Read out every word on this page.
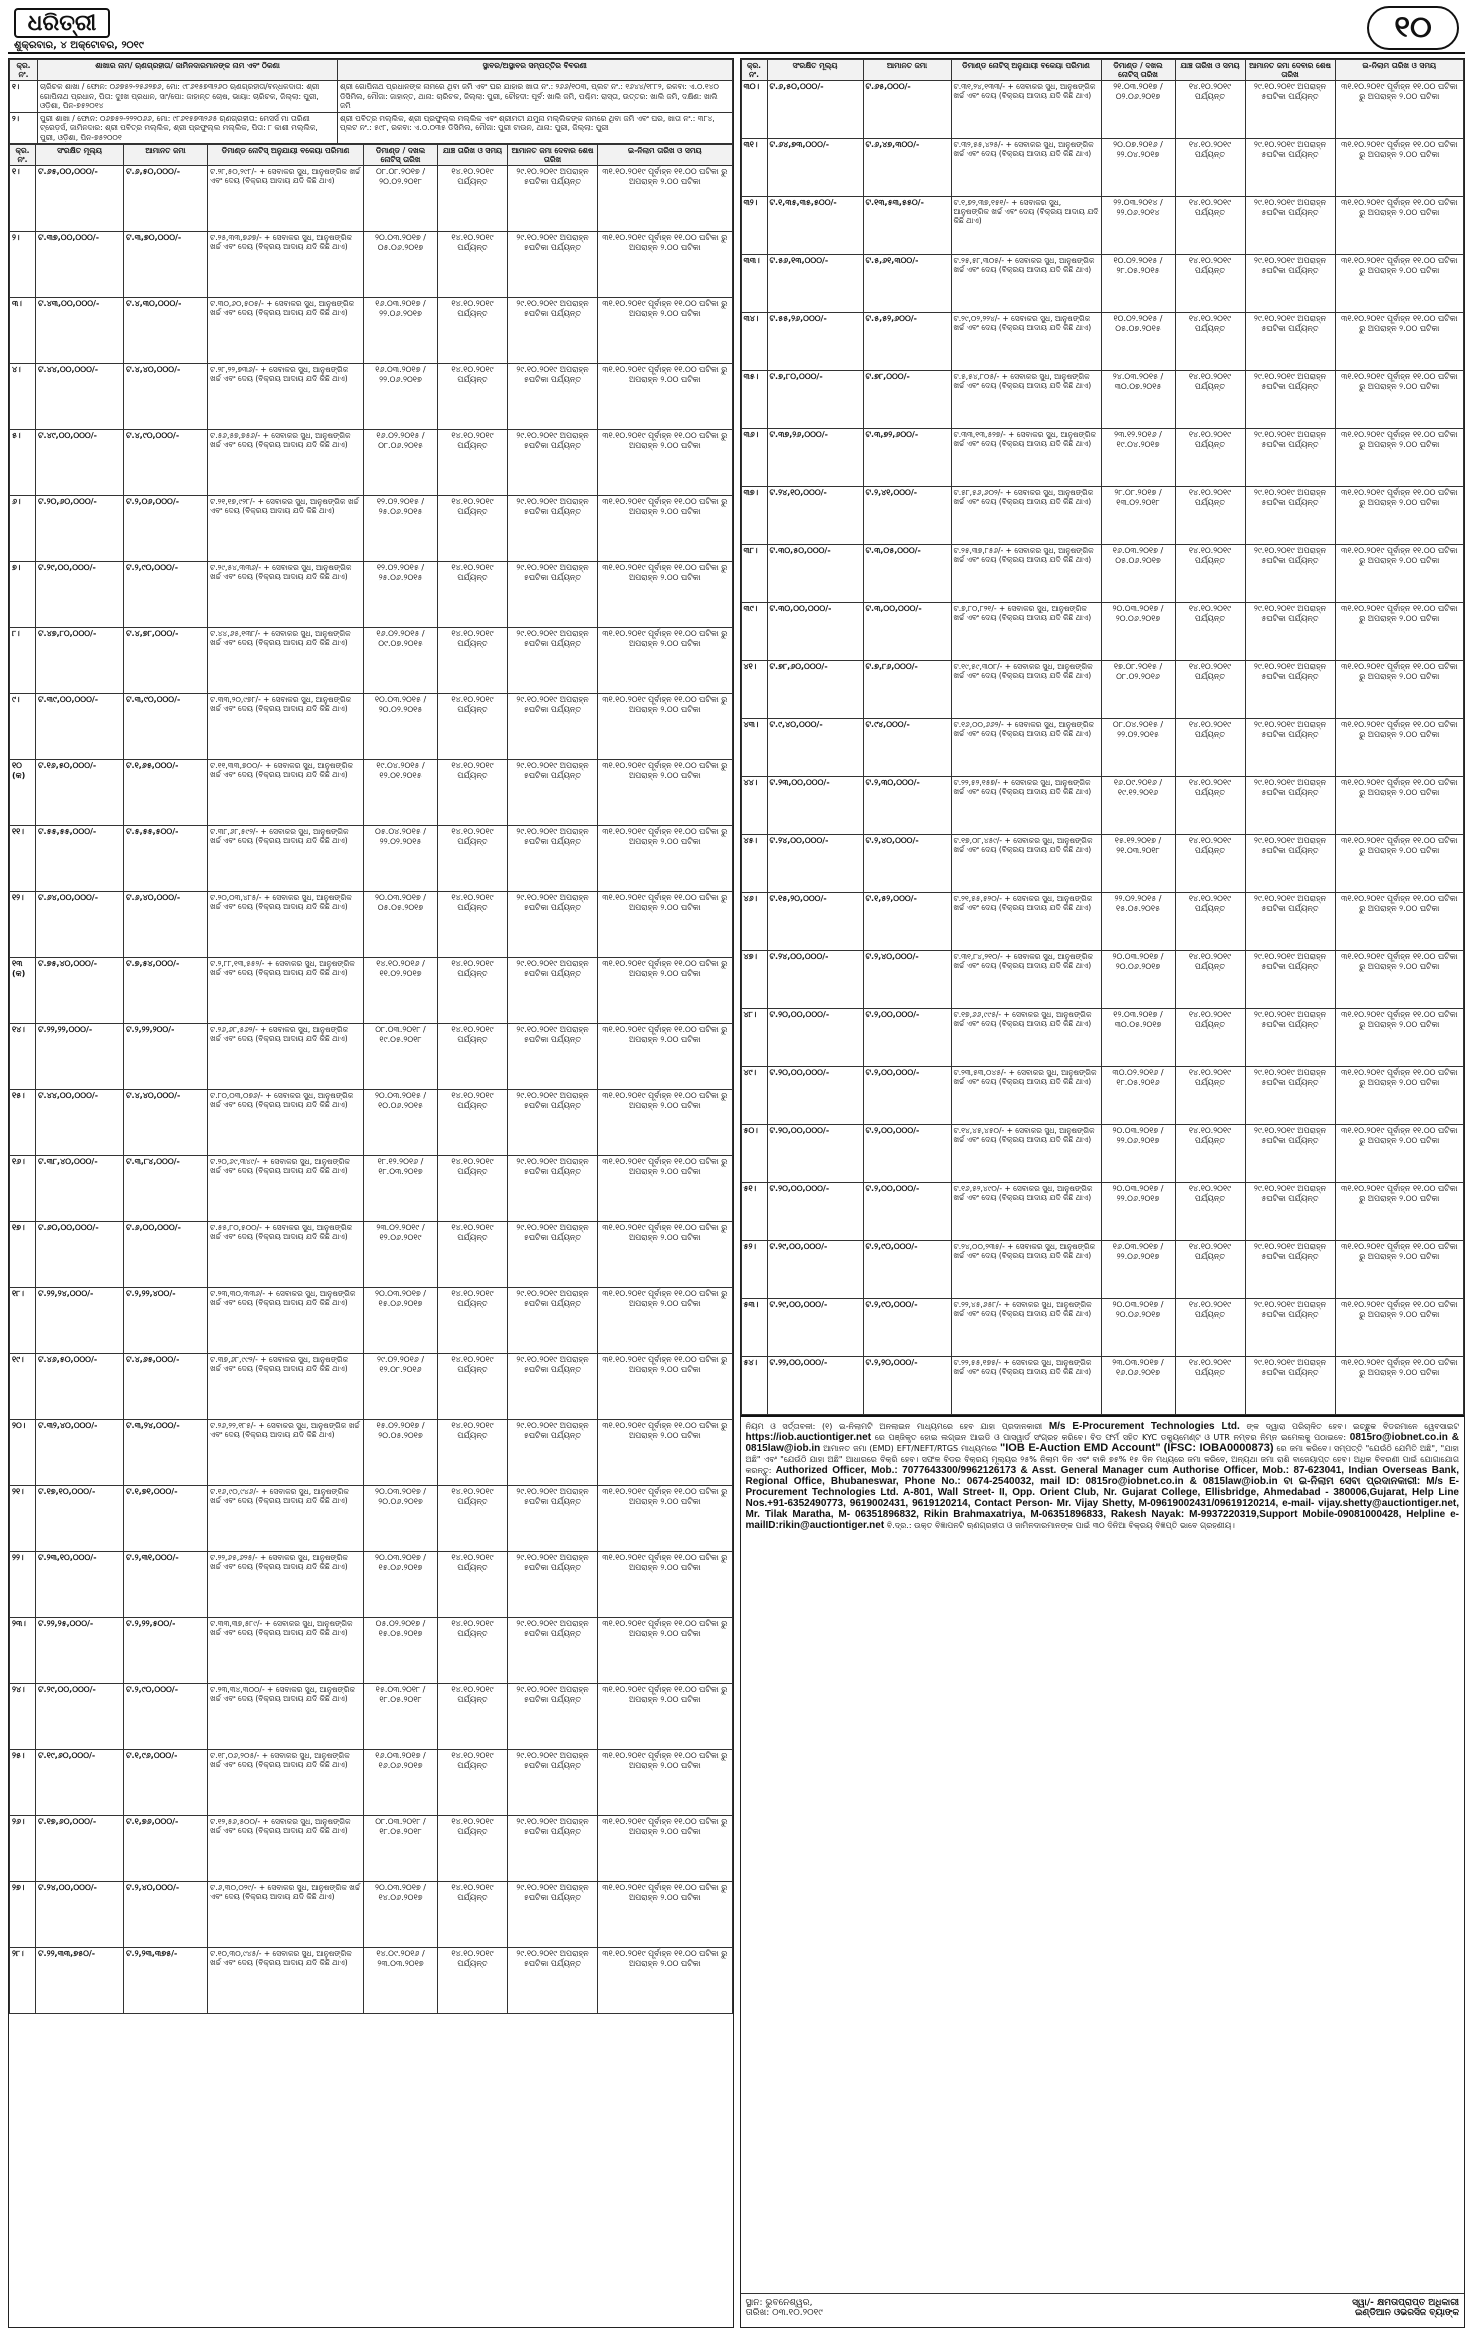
ଧରିତ୍ରୀ
ଶୁକ୍ରବାର, ୪ ଅକ୍ଟୋବର, ୨୦୧୯
୧୦
କ୍ର. ନଂ.	ଶାଖାର ନାମ/ ଋଣଗ୍ରହୀତା/ ଜାମିନଦାରମାନଙ୍କ ନାମ ଏବଂ ଠିକଣା	ସ୍ଥାବର/ଅସ୍ଥାବର ସମ୍ପତ୍ତିର ବିବରଣୀ
୧।	ଚାରିଚକ ଶାଖା / ଫୋନ: ୦୬୭୫୨-୨୫୬୨୭୬, ମୋ: ୯୮୬୧୫୭୩୨୬୦ ଋଣଗ୍ରହୀତା/ବନ୍ଧକଦାତା: ଶ୍ରୀ ଗୋପିନାଥ ପ୍ରଧାନ, ପିତା: ଦୁଃଖ ପ୍ରଧାନ, ସାଂ/ପୋ: ଜାହାନ୍ତ ଚୋଷ, ଭାୟା: ଚାରିଚକ, ଜିଲ୍ଲା: ପୁରୀ, ଓଡ଼ିଶା, ପିନ-୭୫୨୦୧୪	ଶ୍ରୀ ଗୋପିନାଥ ପ୍ରଧାନଙ୍କ ନାମରେ ଥିବା ଜମି ଏବଂ ଘର ଯାହାର ଖାତା ନଂ.: ୨୬୬/୧୦୩, ପ୍ଲଟ ନଂ.: ୧୬୪୪/୧୮୮୨, ରକବା: ଏ.୦.୧୪୦ ଡିସିମିଲ, ମୌଜା: ଜାହାନ୍ତ, ଥାନା: ଚାରିଚକ, ଜିଲ୍ଲା: ପୁରୀ, ଚୌହଦୀ: ପୂର୍ବ: ଖାଲି ଜମି, ପଶ୍ଚିମ: ରାସ୍ତା, ଉତ୍ତର: ଖାଲି ଜମି, ଦକ୍ଷିଣ: ଖାଲି ଜମି
୨।	ପୁରୀ ଶାଖା / ଫୋନ: ୦୬୭୫୨-୨୨୨୦୬୬, ମୋ: ୯୮୬୧୫୭୩୨୬୫ ଋଣଗ୍ରହୀତା: ମେସର୍ସ ମା ତାରିଣୀ ଟ୍ରେଡ଼ର୍ସ, ଜାମିନଦାର: ଶ୍ରୀ ପବିତ୍ର ମଲ୍ଲିକ, ଶ୍ରୀ ପ୍ରଫୁଲ୍ଲ ମଲ୍ଲିକ, ପିତା: ୮ କାଶୀ ମଲ୍ଲିକ, ପୁରୀ, ଓଡ଼ିଶା, ପିନ-୭୫୨୦୦୧	ଶ୍ରୀ ପବିତ୍ର ମଲ୍ଲିକ, ଶ୍ରୀ ପ୍ରଫୁଲ୍ଲ ମଲ୍ଲିକ ଏବଂ ଶ୍ରୀମତୀ ଯମୁନା ମଲ୍ଲିକଙ୍କ ନାମରେ ଥିବା ଜମି ଏବଂ ଘର, ଖାତା ନଂ.: ୩୮୪, ପ୍ଲଟ ନଂ.: ୫୯୮, ରକବା: ଏ.୦.୦୩୫ ଡିସିମିଲ, ମୌଜା: ପୁରୀ ଟାଉନ, ଥାନା: ପୁରୀ, ଜିଲ୍ଲା: ପୁରୀ
କ୍ର. ନଂ.	ସଂରକ୍ଷିତ ମୂଲ୍ୟ	ଆମାନତ ଜମା	ଡିମାଣ୍ଡ ନୋଟିସ୍ ଅନୁଯାୟୀ ବକେୟା ପରିମାଣ	ଡିମାଣ୍ଡ / ଦଖଲ ନୋଟିସ୍ ତାରିଖ	ଯାଞ୍ଚ ତାରିଖ ଓ ସମୟ	ଆମାନତ ଜମା ଦେବାର ଶେଷ ତାରିଖ	ଇ-ନିଲାମ ତାରିଖ ଓ ସମୟ
୧।	ଟ.୬୫,୦୦,୦୦୦/-	ଟ.୬,୫୦,୦୦୦/-	ଟ.୨୮,୫୦,୨୯୮/- + ସେବାକର ସୁଧ, ଆନୁଷଙ୍ଗିକ ଖର୍ଚ୍ଚ ଏବଂ ଦେୟ (ବିକ୍ରୟ ଆଦାୟ ଯଦି କିଛି ଥାଏ)	୦୮.୦୮.୨୦୧୭ / ୨୦.୦୨.୨୦୧୮	୧୪.୧୦.୨୦୧୯ ପର୍ଯ୍ୟନ୍ତ	୨୯.୧୦.୨୦୧୯ ଅପରାହ୍ନ ୫ଘଟିକା ପର୍ଯ୍ୟନ୍ତ	୩୧.୧୦.୨୦୧୯ ପୂର୍ବାହ୍ନ ୧୧.୦୦ ଘଟିକା ରୁ ଅପରାହ୍ନ ୨.୦୦ ଘଟିକା
୨।	ଟ.୩୭,୦୦,୦୦୦/-	ଟ.୩,୭୦,୦୦୦/-	ଟ.୨୫,୩୩,୭୬୭/- + ସେବାକର ସୁଧ, ଆନୁଷଙ୍ଗିକ ଖର୍ଚ୍ଚ ଏବଂ ଦେୟ (ବିକ୍ରୟ ଆଦାୟ ଯଦି କିଛି ଥାଏ)	୨୦.୦୩.୨୦୧୭ / ୦୫.୦୬.୨୦୧୭	୧୪.୧୦.୨୦୧୯ ପର୍ଯ୍ୟନ୍ତ	୨୯.୧୦.୨୦୧୯ ଅପରାହ୍ନ ୫ଘଟିକା ପର୍ଯ୍ୟନ୍ତ	୩୧.୧୦.୨୦୧୯ ପୂର୍ବାହ୍ନ ୧୧.୦୦ ଘଟିକା ରୁ ଅପରାହ୍ନ ୨.୦୦ ଘଟିକା
୩।	ଟ.୪୩,୦୦,୦୦୦/-	ଟ.୪,୩୦,୦୦୦/-	ଟ.୩୦,୬୦,୫୦୫/- + ସେବାକର ସୁଧ, ଆନୁଷଙ୍ଗିକ ଖର୍ଚ୍ଚ ଏବଂ ଦେୟ (ବିକ୍ରୟ ଆଦାୟ ଯଦି କିଛି ଥାଏ)	୧୬.୦୩.୨୦୧୭ / ୨୨.୦୬.୨୦୧୭	୧୪.୧୦.୨୦୧୯ ପର୍ଯ୍ୟନ୍ତ	୨୯.୧୦.୨୦୧୯ ଅପରାହ୍ନ ୫ଘଟିକା ପର୍ଯ୍ୟନ୍ତ	୩୧.୧୦.୨୦୧୯ ପୂର୍ବାହ୍ନ ୧୧.୦୦ ଘଟିକା ରୁ ଅପରାହ୍ନ ୨.୦୦ ଘଟିକା
୪।	ଟ.୪୪,୦୦,୦୦୦/-	ଟ.୪,୪୦,୦୦୦/-	ଟ.୨୮,୨୨,୭୩୬/- + ସେବାକର ସୁଧ, ଆନୁଷଙ୍ଗିକ ଖର୍ଚ୍ଚ ଏବଂ ଦେୟ (ବିକ୍ରୟ ଆଦାୟ ଯଦି କିଛି ଥାଏ)	୧୬.୦୩.୨୦୧୭ / ୨୨.୦୬.୨୦୧୭	୧୪.୧୦.୨୦୧୯ ପର୍ଯ୍ୟନ୍ତ	୨୯.୧୦.୨୦୧୯ ଅପରାହ୍ନ ୫ଘଟିକା ପର୍ଯ୍ୟନ୍ତ	୩୧.୧୦.୨୦୧୯ ପୂର୍ବାହ୍ନ ୧୧.୦୦ ଘଟିକା ରୁ ଅପରାହ୍ନ ୨.୦୦ ଘଟିକା
୫।	ଟ.୪୯,୦୦,୦୦୦/-	ଟ.୪,୯୦,୦୦୦/-	ଟ.୫୬,୫୭,୭୫୬/- + ସେବାକର ସୁଧ, ଆନୁଷଙ୍ଗିକ ଖର୍ଚ୍ଚ ଏବଂ ଦେୟ (ବିକ୍ରୟ ଆଦାୟ ଯଦି କିଛି ଥାଏ)	୧୬.୦୨.୨୦୧୫ / ୦୮.୦୬.୨୦୧୫	୧୪.୧୦.୨୦୧୯ ପର୍ଯ୍ୟନ୍ତ	୨୯.୧୦.୨୦୧୯ ଅପରାହ୍ନ ୫ଘଟିକା ପର୍ଯ୍ୟନ୍ତ	୩୧.୧୦.୨୦୧୯ ପୂର୍ବାହ୍ନ ୧୧.୦୦ ଘଟିକା ରୁ ଅପରାହ୍ନ ୨.୦୦ ଘଟିକା
୬।	ଟ.୨୦,୬୦,୦୦୦/-	ଟ.୨,୦୬,୦୦୦/-	ଟ.୨୧,୧୭,୯୨୮/- + ସେବାକର ସୁଧ, ଆନୁଷଙ୍ଗିକ ଖର୍ଚ୍ଚ ଏବଂ ଦେୟ (ବିକ୍ରୟ ଆଦାୟ ଯଦି କିଛି ଥାଏ)	୧୨.୦୨.୨୦୧୫ / ୨୫.୦୬.୨୦୧୫	୧୪.୧୦.୨୦୧୯ ପର୍ଯ୍ୟନ୍ତ	୨୯.୧୦.୨୦୧୯ ଅପରାହ୍ନ ୫ଘଟିକା ପର୍ଯ୍ୟନ୍ତ	୩୧.୧୦.୨୦୧୯ ପୂର୍ବାହ୍ନ ୧୧.୦୦ ଘଟିକା ରୁ ଅପରାହ୍ନ ୨.୦୦ ଘଟିକା
୭।	ଟ.୨୯,୦୦,୦୦୦/-	ଟ.୨,୯୦,୦୦୦/-	ଟ.୨୯,୫୪,୩୩୬/- + ସେବାକର ସୁଧ, ଆନୁଷଙ୍ଗିକ ଖର୍ଚ୍ଚ ଏବଂ ଦେୟ (ବିକ୍ରୟ ଆଦାୟ ଯଦି କିଛି ଥାଏ)	୧୨.୦୨.୨୦୧୫ / ୨୫.୦୬.୨୦୧୫	୧୪.୧୦.୨୦୧୯ ପର୍ଯ୍ୟନ୍ତ	୨୯.୧୦.୨୦୧୯ ଅପରାହ୍ନ ୫ଘଟିକା ପର୍ଯ୍ୟନ୍ତ	୩୧.୧୦.୨୦୧୯ ପୂର୍ବାହ୍ନ ୧୧.୦୦ ଘଟିକା ରୁ ଅପରାହ୍ନ ୨.୦୦ ଘଟିକା
୮।	ଟ.୪୭,୮୦,୦୦୦/-	ଟ.୪,୭୮,୦୦୦/-	ଟ.୪୪,୬୫,୧୩୮/- + ସେବାକର ସୁଧ, ଆନୁଷଙ୍ଗିକ ଖର୍ଚ୍ଚ ଏବଂ ଦେୟ (ବିକ୍ରୟ ଆଦାୟ ଯଦି କିଛି ଥାଏ)	୧୬.୦୨.୨୦୧୫ / ୦୯.୦୭.୨୦୧୫	୧୪.୧୦.୨୦୧୯ ପର୍ଯ୍ୟନ୍ତ	୨୯.୧୦.୨୦୧୯ ଅପରାହ୍ନ ୫ଘଟିକା ପର୍ଯ୍ୟନ୍ତ	୩୧.୧୦.୨୦୧୯ ପୂର୍ବାହ୍ନ ୧୧.୦୦ ଘଟିକା ରୁ ଅପରାହ୍ନ ୨.୦୦ ଘଟିକା
୯।	ଟ.୩୯,୦୦,୦୦୦/-	ଟ.୩,୯୦,୦୦୦/-	ଟ.୩୩,୨୦,୯୭୮/- + ସେବାକର ସୁଧ, ଆନୁଷଙ୍ଗିକ ଖର୍ଚ୍ଚ ଏବଂ ଦେୟ (ବିକ୍ରୟ ଆଦାୟ ଯଦି କିଛି ଥାଏ)	୧୦.୦୩.୨୦୧୫ / ୨୦.୦୨.୨୦୧୫	୧୪.୧୦.୨୦୧୯ ପର୍ଯ୍ୟନ୍ତ	୨୯.୧୦.୨୦୧୯ ଅପରାହ୍ନ ୫ଘଟିକା ପର୍ଯ୍ୟନ୍ତ	୩୧.୧୦.୨୦୧୯ ପୂର୍ବାହ୍ନ ୧୧.୦୦ ଘଟିକା ରୁ ଅପରାହ୍ନ ୨.୦୦ ଘଟିକା
୧୦ (କ)	ଟ.୧୬,୫୦,୦୦୦/-	ଟ.୧,୬୫,୦୦୦/-	ଟ.୧୧,୩୩,୭୦୦/- + ସେବାକର ସୁଧ, ଆନୁଷଙ୍ଗିକ ଖର୍ଚ୍ଚ ଏବଂ ଦେୟ (ବିକ୍ରୟ ଆଦାୟ ଯଦି କିଛି ଥାଏ)	୧୯.୦୪.୨୦୧୫ / ୧୨.୦୧.୨୦୧୫	୧୪.୧୦.୨୦୧୯ ପର୍ଯ୍ୟନ୍ତ	୨୯.୧୦.୨୦୧୯ ଅପରାହ୍ନ ୫ଘଟିକା ପର୍ଯ୍ୟନ୍ତ	୩୧.୧୦.୨୦୧୯ ପୂର୍ବାହ୍ନ ୧୧.୦୦ ଘଟିକା ରୁ ଅପରାହ୍ନ ୨.୦୦ ଘଟିକା
୧୧।	ଟ.୫୫,୫୫,୦୦୦/-	ଟ.୫,୫୫,୫୦୦/-	ଟ.୩୮,୬୮,୫୯୨/- + ସେବାକର ସୁଧ, ଆନୁଷଙ୍ଗିକ ଖର୍ଚ୍ଚ ଏବଂ ଦେୟ (ବିକ୍ରୟ ଆଦାୟ ଯଦି କିଛି ଥାଏ)	୦୫.୦୪.୨୦୧୫ / ୨୨.୦୨.୨୦୧୫	୧୪.୧୦.୨୦୧୯ ପର୍ଯ୍ୟନ୍ତ	୨୯.୧୦.୨୦୧୯ ଅପରାହ୍ନ ୫ଘଟିକା ପର୍ଯ୍ୟନ୍ତ	୩୧.୧୦.୨୦୧୯ ପୂର୍ବାହ୍ନ ୧୧.୦୦ ଘଟିକା ରୁ ଅପରାହ୍ନ ୨.୦୦ ଘଟିକା
୧୨।	ଟ.୬୪,୦୦,୦୦୦/-	ଟ.୬,୪୦,୦୦୦/-	ଟ.୨୦,୦୩,୪୮୫/- + ସେବାକର ସୁଧ, ଆନୁଷଙ୍ଗିକ ଖର୍ଚ୍ଚ ଏବଂ ଦେୟ (ବିକ୍ରୟ ଆଦାୟ ଯଦି କିଛି ଥାଏ)	୨୦.୦୩.୨୦୧୭ / ୦୫.୦୫.୨୦୧୭	୧୪.୧୦.୨୦୧୯ ପର୍ଯ୍ୟନ୍ତ	୨୯.୧୦.୨୦୧୯ ଅପରାହ୍ନ ୫ଘଟିକା ପର୍ଯ୍ୟନ୍ତ	୩୧.୧୦.୨୦୧୯ ପୂର୍ବାହ୍ନ ୧୧.୦୦ ଘଟିକା ରୁ ଅପରାହ୍ନ ୨.୦୦ ଘଟିକା
୧୩ (କ)	ଟ.୭୫,୪୦,୦୦୦/-	ଟ.୭,୫୪,୦୦୦/-	ଟ.୨,୮୮,୧୩,୫୫୨/- + ସେବାକର ସୁଧ, ଆନୁଷଙ୍ଗିକ ଖର୍ଚ୍ଚ ଏବଂ ଦେୟ (ବିକ୍ରୟ ଆଦାୟ ଯଦି କିଛି ଥାଏ)	୧୪.୧୦.୨୦୧୬ / ୧୧.୦୨.୨୦୧୭	୧୪.୧୦.୨୦୧୯ ପର୍ଯ୍ୟନ୍ତ	୨୯.୧୦.୨୦୧୯ ଅପରାହ୍ନ ୫ଘଟିକା ପର୍ଯ୍ୟନ୍ତ	୩୧.୧୦.୨୦୧୯ ପୂର୍ବାହ୍ନ ୧୧.୦୦ ଘଟିକା ରୁ ଅପରାହ୍ନ ୨.୦୦ ଘଟିକା
୧୪।	ଟ.୨୨,୨୨,୦୦୦/-	ଟ.୨,୨୨,୨୦୦/-	ଟ.୨୬,୬୮,୫୬୨/- + ସେବାକର ସୁଧ, ଆନୁଷଙ୍ଗିକ ଖର୍ଚ୍ଚ ଏବଂ ଦେୟ (ବିକ୍ରୟ ଆଦାୟ ଯଦି କିଛି ଥାଏ)	୦୮.୦୩.୨୦୧୮ / ୧୯.୦୫.୨୦୧୮	୧୪.୧୦.୨୦୧୯ ପର୍ଯ୍ୟନ୍ତ	୨୯.୧୦.୨୦୧୯ ଅପରାହ୍ନ ୫ଘଟିକା ପର୍ଯ୍ୟନ୍ତ	୩୧.୧୦.୨୦୧୯ ପୂର୍ବାହ୍ନ ୧୧.୦୦ ଘଟିକା ରୁ ଅପରାହ୍ନ ୨.୦୦ ଘଟିକା
୧୫।	ଟ.୪୪,୦୦,୦୦୦/-	ଟ.୪,୪୦,୦୦୦/-	ଟ.୮୦,୦୩,୦୭୬/- + ସେବାକର ସୁଧ, ଆନୁଷଙ୍ଗିକ ଖର୍ଚ୍ଚ ଏବଂ ଦେୟ (ବିକ୍ରୟ ଆଦାୟ ଯଦି କିଛି ଥାଏ)	୨୦.୦୩.୨୦୧୫ / ୧୦.୦୬.୨୦୧୫	୧୪.୧୦.୨୦୧୯ ପର୍ଯ୍ୟନ୍ତ	୨୯.୧୦.୨୦୧୯ ଅପରାହ୍ନ ୫ଘଟିକା ପର୍ଯ୍ୟନ୍ତ	୩୧.୧୦.୨୦୧୯ ପୂର୍ବାହ୍ନ ୧୧.୦୦ ଘଟିକା ରୁ ଅପରାହ୍ନ ୨.୦୦ ଘଟିକା
୧୬।	ଟ.୩୮,୪୦,୦୦୦/-	ଟ.୩,୮୪,୦୦୦/-	ଟ.୨୦,୬୯,୩୪୯/- + ସେବାକର ସୁଧ, ଆନୁଷଙ୍ଗିକ ଖର୍ଚ୍ଚ ଏବଂ ଦେୟ (ବିକ୍ରୟ ଆଦାୟ ଯଦି କିଛି ଥାଏ)	୧୮.୧୨.୨୦୧୬ / ୧୮.୦୩.୨୦୧୭	୧୪.୧୦.୨୦୧୯ ପର୍ଯ୍ୟନ୍ତ	୨୯.୧୦.୨୦୧୯ ଅପରାହ୍ନ ୫ଘଟିକା ପର୍ଯ୍ୟନ୍ତ	୩୧.୧୦.୨୦୧୯ ପୂର୍ବାହ୍ନ ୧୧.୦୦ ଘଟିକା ରୁ ଅପରାହ୍ନ ୨.୦୦ ଘଟିକା
୧୭।	ଟ.୬୦,୦୦,୦୦୦/-	ଟ.୬,୦୦,୦୦୦/-	ଟ.୫୫,୮୦,୫୦୦/- + ସେବାକର ସୁଧ, ଆନୁଷଙ୍ଗିକ ଖର୍ଚ୍ଚ ଏବଂ ଦେୟ (ବିକ୍ରୟ ଆଦାୟ ଯଦି କିଛି ଥାଏ)	୨୩.୦୨.୨୦୧୯ / ୧୨.୦୬.୨୦୧୯	୧୪.୧୦.୨୦୧୯ ପର୍ଯ୍ୟନ୍ତ	୨୯.୧୦.୨୦୧୯ ଅପରାହ୍ନ ୫ଘଟିକା ପର୍ଯ୍ୟନ୍ତ	୩୧.୧୦.୨୦୧୯ ପୂର୍ବାହ୍ନ ୧୧.୦୦ ଘଟିକା ରୁ ଅପରାହ୍ନ ୨.୦୦ ଘଟିକା
୧୮।	ଟ.୨୨,୨୪,୦୦୦/-	ଟ.୨,୨୨,୪୦୦/-	ଟ.୨୩,୩୦,୩୩୬/- + ସେବାକର ସୁଧ, ଆନୁଷଙ୍ଗିକ ଖର୍ଚ୍ଚ ଏବଂ ଦେୟ (ବିକ୍ରୟ ଆଦାୟ ଯଦି କିଛି ଥାଏ)	୨୦.୦୩.୨୦୧୭ / ୧୫.୦୬.୨୦୧୭	୧୪.୧୦.୨୦୧୯ ପର୍ଯ୍ୟନ୍ତ	୨୯.୧୦.୨୦୧୯ ଅପରାହ୍ନ ୫ଘଟିକା ପର୍ଯ୍ୟନ୍ତ	୩୧.୧୦.୨୦୧୯ ପୂର୍ବାହ୍ନ ୧୧.୦୦ ଘଟିକା ରୁ ଅପରାହ୍ନ ୨.୦୦ ଘଟିକା
୧୯।	ଟ.୪୬,୫୦,୦୦୦/-	ଟ.୪,୬୫,୦୦୦/-	ଟ.୩୭,୬୮,୯୯୨/- + ସେବାକର ସୁଧ, ଆନୁଷଙ୍ଗିକ ଖର୍ଚ୍ଚ ଏବଂ ଦେୟ (ବିକ୍ରୟ ଆଦାୟ ଯଦି କିଛି ଥାଏ)	୨୯.୦୨.୨୦୧୬ / ୧୨.୦୮.୨୦୧୬	୧୪.୧୦.୨୦୧୯ ପର୍ଯ୍ୟନ୍ତ	୨୯.୧୦.୨୦୧୯ ଅପରାହ୍ନ ୫ଘଟିକା ପର୍ଯ୍ୟନ୍ତ	୩୧.୧୦.୨୦୧୯ ପୂର୍ବାହ୍ନ ୧୧.୦୦ ଘଟିକା ରୁ ଅପରାହ୍ନ ୨.୦୦ ଘଟିକା
୨୦।	ଟ.୩୨,୪୦,୦୦୦/-	ଟ.୩,୨୪,୦୦୦/-	ଟ.୨୬,୨୨,୧୮୫/- + ସେବାକର ସୁଧ, ଆନୁଷଙ୍ଗିକ ଖର୍ଚ୍ଚ ଏବଂ ଦେୟ (ବିକ୍ରୟ ଆଦାୟ ଯଦି କିଛି ଥାଏ)	୧୫.୦୨.୨୦୧୭ / ୨୦.୦୫.୨୦୧୭	୧୪.୧୦.୨୦୧୯ ପର୍ଯ୍ୟନ୍ତ	୨୯.୧୦.୨୦୧୯ ଅପରାହ୍ନ ୫ଘଟିକା ପର୍ଯ୍ୟନ୍ତ	୩୧.୧୦.୨୦୧୯ ପୂର୍ବାହ୍ନ ୧୧.୦୦ ଘଟିକା ରୁ ଅପରାହ୍ନ ୨.୦୦ ଘଟିକା
୨୧।	ଟ.୧୭,୧୦,୦୦୦/-	ଟ.୧,୭୧,୦୦୦/-	ଟ.୧୬,୯୦,୯୪୬/- + ସେବାକର ସୁଧ, ଆନୁଷଙ୍ଗିକ ଖର୍ଚ୍ଚ ଏବଂ ଦେୟ (ବିକ୍ରୟ ଆଦାୟ ଯଦି କିଛି ଥାଏ)	୨୦.୦୩.୨୦୧୭ / ୨୦.୦୬.୨୦୧୭	୧୪.୧୦.୨୦୧୯ ପର୍ଯ୍ୟନ୍ତ	୨୯.୧୦.୨୦୧୯ ଅପରାହ୍ନ ୫ଘଟିକା ପର୍ଯ୍ୟନ୍ତ	୩୧.୧୦.୨୦୧୯ ପୂର୍ବାହ୍ନ ୧୧.୦୦ ଘଟିକା ରୁ ଅପରାହ୍ନ ୨.୦୦ ଘଟିକା
୨୨।	ଟ.୨୩,୧୦,୦୦୦/-	ଟ.୨,୩୧,୦୦୦/-	ଟ.୨୨,୬୫,୬୨୫/- + ସେବାକର ସୁଧ, ଆନୁଷଙ୍ଗିକ ଖର୍ଚ୍ଚ ଏବଂ ଦେୟ (ବିକ୍ରୟ ଆଦାୟ ଯଦି କିଛି ଥାଏ)	୨୦.୦୩.୨୦୧୭ / ୧୫.୦୬.୨୦୧୭	୧୪.୧୦.୨୦୧୯ ପର୍ଯ୍ୟନ୍ତ	୨୯.୧୦.୨୦୧୯ ଅପରାହ୍ନ ୫ଘଟିକା ପର୍ଯ୍ୟନ୍ତ	୩୧.୧୦.୨୦୧୯ ପୂର୍ବାହ୍ନ ୧୧.୦୦ ଘଟିକା ରୁ ଅପରାହ୍ନ ୨.୦୦ ଘଟିକା
୨୩।	ଟ.୨୨,୨୫,୦୦୦/-	ଟ.୨,୨୨,୫୦୦/-	ଟ.୩୩,୩୭,୫୮୯/- + ସେବାକର ସୁଧ, ଆନୁଷଙ୍ଗିକ ଖର୍ଚ୍ଚ ଏବଂ ଦେୟ (ବିକ୍ରୟ ଆଦାୟ ଯଦି କିଛି ଥାଏ)	୦୫.୦୨.୨୦୧୭ / ୧୫.୦୫.୨୦୧୭	୧୪.୧୦.୨୦୧୯ ପର୍ଯ୍ୟନ୍ତ	୨୯.୧୦.୨୦୧୯ ଅପରାହ୍ନ ୫ଘଟିକା ପର୍ଯ୍ୟନ୍ତ	୩୧.୧୦.୨୦୧୯ ପୂର୍ବାହ୍ନ ୧୧.୦୦ ଘଟିକା ରୁ ଅପରାହ୍ନ ୨.୦୦ ଘଟିକା
୨୪।	ଟ.୨୯,୦୦,୦୦୦/-	ଟ.୨,୯୦,୦୦୦/-	ଟ.୨୩,୩୪,୩୦୦/- + ସେବାକର ସୁଧ, ଆନୁଷଙ୍ଗିକ ଖର୍ଚ୍ଚ ଏବଂ ଦେୟ (ବିକ୍ରୟ ଆଦାୟ ଯଦି କିଛି ଥାଏ)	୧୫.୦୩.୨୦୧୮ / ୧୮.୦୫.୨୦୧୮	୧୪.୧୦.୨୦୧୯ ପର୍ଯ୍ୟନ୍ତ	୨୯.୧୦.୨୦୧୯ ଅପରାହ୍ନ ୫ଘଟିକା ପର୍ଯ୍ୟନ୍ତ	୩୧.୧୦.୨୦୧୯ ପୂର୍ବାହ୍ନ ୧୧.୦୦ ଘଟିକା ରୁ ଅପରାହ୍ନ ୨.୦୦ ଘଟିକା
୨୫।	ଟ.୧୯,୬୦,୦୦୦/-	ଟ.୧,୯୬,୦୦୦/-	ଟ.୧୮,୦୬,୨୦୫/- + ସେବାକର ସୁଧ, ଆନୁଷଙ୍ଗିକ ଖର୍ଚ୍ଚ ଏବଂ ଦେୟ (ବିକ୍ରୟ ଆଦାୟ ଯଦି କିଛି ଥାଏ)	୧୬.୦୩.୨୦୧୭ / ୧୬.୦୬.୨୦୧୭	୧୪.୧୦.୨୦୧୯ ପର୍ଯ୍ୟନ୍ତ	୨୯.୧୦.୨୦୧୯ ଅପରାହ୍ନ ୫ଘଟିକା ପର୍ଯ୍ୟନ୍ତ	୩୧.୧୦.୨୦୧୯ ପୂର୍ବାହ୍ନ ୧୧.୦୦ ଘଟିକା ରୁ ଅପରାହ୍ନ ୨.୦୦ ଘଟିକା
୨୬।	ଟ.୧୭,୬୦,୦୦୦/-	ଟ.୧,୭୬,୦୦୦/-	ଟ.୧୨,୫୬,୫୦୦/- + ସେବାକର ସୁଧ, ଆନୁଷଙ୍ଗିକ ଖର୍ଚ୍ଚ ଏବଂ ଦେୟ (ବିକ୍ରୟ ଆଦାୟ ଯଦି କିଛି ଥାଏ)	୦୮.୦୩.୨୦୧୮ / ୧୮.୦୫.୨୦୧୮	୧୪.୧୦.୨୦୧୯ ପର୍ଯ୍ୟନ୍ତ	୨୯.୧୦.୨୦୧୯ ଅପରାହ୍ନ ୫ଘଟିକା ପର୍ଯ୍ୟନ୍ତ	୩୧.୧୦.୨୦୧୯ ପୂର୍ବାହ୍ନ ୧୧.୦୦ ଘଟିକା ରୁ ଅପରାହ୍ନ ୨.୦୦ ଘଟିକା
୨୭।	ଟ.୨୪,୦୦,୦୦୦/-	ଟ.୨,୪୦,୦୦୦/-	ଟ.୬,୩୦,୦୨୯/- + ସେବାକର ସୁଧ, ଆନୁଷଙ୍ଗିକ ଖର୍ଚ୍ଚ ଏବଂ ଦେୟ (ବିକ୍ରୟ ଆଦାୟ ଯଦି କିଛି ଥାଏ)	୨୦.୦୩.୨୦୧୭ / ୧୪.୦୬.୨୦୧୭	୧୪.୧୦.୨୦୧୯ ପର୍ଯ୍ୟନ୍ତ	୨୯.୧୦.୨୦୧୯ ଅପରାହ୍ନ ୫ଘଟିକା ପର୍ଯ୍ୟନ୍ତ	୩୧.୧୦.୨୦୧୯ ପୂର୍ବାହ୍ନ ୧୧.୦୦ ଘଟିକା ରୁ ଅପରାହ୍ନ ୨.୦୦ ଘଟିକା
୨୮।	ଟ.୨୨,୩୩,୭୫୦/-	ଟ.୨,୨୩,୩୭୫/-	ଟ.୧୦,୩୦,୯୪୫/- + ସେବାକର ସୁଧ, ଆନୁଷଙ୍ଗିକ ଖର୍ଚ୍ଚ ଏବଂ ଦେୟ (ବିକ୍ରୟ ଆଦାୟ ଯଦି କିଛି ଥାଏ)	୧୪.୦୯.୨୦୧୬ / ୨୩.୦୩.୨୦୧୭	୧୪.୧୦.୨୦୧୯ ପର୍ଯ୍ୟନ୍ତ	୨୯.୧୦.୨୦୧୯ ଅପରାହ୍ନ ୫ଘଟିକା ପର୍ଯ୍ୟନ୍ତ	୩୧.୧୦.୨୦୧୯ ପୂର୍ବାହ୍ନ ୧୧.୦୦ ଘଟିକା ରୁ ଅପରାହ୍ନ ୨.୦୦ ଘଟିକା
କ୍ର. ନଂ.	ସଂରକ୍ଷିତ ମୂଲ୍ୟ	ଆମାନତ ଜମା	ଡିମାଣ୍ଡ ନୋଟିସ୍ ଅନୁଯାୟୀ ବକେୟା ପରିମାଣ	ଡିମାଣ୍ଡ / ଦଖଲ ନୋଟିସ୍ ତାରିଖ	ଯାଞ୍ଚ ତାରିଖ ଓ ସମୟ	ଆମାନତ ଜମା ଦେବାର ଶେଷ ତାରିଖ	ଇ-ନିଲାମ ତାରିଖ ଓ ସମୟ
୩୦।	ଟ.୬,୫୦,୦୦୦/-	ଟ.୬୫,୦୦୦/-	ଟ.୩୧,୨୪,୧୩୩/- + ସେବାକର ସୁଧ, ଆନୁଷଙ୍ଗିକ ଖର୍ଚ୍ଚ ଏବଂ ଦେୟ (ବିକ୍ରୟ ଆଦାୟ ଯଦି କିଛି ଥାଏ)	୨୧.୦୩.୨୦୧୭ / ୦୨.୦୬.୨୦୧୭	୧୪.୧୦.୨୦୧୯ ପର୍ଯ୍ୟନ୍ତ	୨୯.୧୦.୨୦୧୯ ଅପରାହ୍ନ ୫ଘଟିକା ପର୍ଯ୍ୟନ୍ତ	୩୧.୧୦.୨୦୧୯ ପୂର୍ବାହ୍ନ ୧୧.୦୦ ଘଟିକା ରୁ ଅପରାହ୍ନ ୨.୦୦ ଘଟିକା
୩୧।	ଟ.୬୪,୭୩,୦୦୦/-	ଟ.୬,୪୭,୩୦୦/-	ଟ.୩୨,୫୫,୪୨୫/- + ସେବାକର ସୁଧ, ଆନୁଷଙ୍ଗିକ ଖର୍ଚ୍ଚ ଏବଂ ଦେୟ (ବିକ୍ରୟ ଆଦାୟ ଯଦି କିଛି ଥାଏ)	୨୦.୦୭.୨୦୧୬ / ୨୨.୦୪.୨୦୧୭	୧୪.୧୦.୨୦୧୯ ପର୍ଯ୍ୟନ୍ତ	୨୯.୧୦.୨୦୧୯ ଅପରାହ୍ନ ୫ଘଟିକା ପର୍ଯ୍ୟନ୍ତ	୩୧.୧୦.୨୦୧୯ ପୂର୍ବାହ୍ନ ୧୧.୦୦ ଘଟିକା ରୁ ଅପରାହ୍ନ ୨.୦୦ ଘଟିକା
୩୨।	ଟ.୧,୩୫,୩୫,୫୦୦/-	ଟ.୧୩,୫୩,୫୫୦/-	ଟ.୧,୭୨,୩୭,୧୫୧/- + ସେବାକର ସୁଧ, ଆନୁଷଙ୍ଗିକ ଖର୍ଚ୍ଚ ଏବଂ ଦେୟ (ବିକ୍ରୟ ଆଦାୟ ଯଦି କିଛି ଥାଏ)	୨୨.୦୩.୨୦୧୪ / ୨୨.୦୬.୨୦୧୪	୧୪.୧୦.୨୦୧୯ ପର୍ଯ୍ୟନ୍ତ	୨୯.୧୦.୨୦୧୯ ଅପରାହ୍ନ ୫ଘଟିକା ପର୍ଯ୍ୟନ୍ତ	୩୧.୧୦.୨୦୧୯ ପୂର୍ବାହ୍ନ ୧୧.୦୦ ଘଟିକା ରୁ ଅପରାହ୍ନ ୨.୦୦ ଘଟିକା
୩୩।	ଟ.୫୬,୧୩,୦୦୦/-	ଟ.୫,୬୧,୩୦୦/-	ଟ.୨୫,୫୮,୩୦୫/- + ସେବାକର ସୁଧ, ଆନୁଷଙ୍ଗିକ ଖର୍ଚ୍ଚ ଏବଂ ଦେୟ (ବିକ୍ରୟ ଆଦାୟ ଯଦି କିଛି ଥାଏ)	୧୦.୦୨.୨୦୧୫ / ୨୮.୦୫.୨୦୧୫	୧୪.୧୦.୨୦୧୯ ପର୍ଯ୍ୟନ୍ତ	୨୯.୧୦.୨୦୧୯ ଅପରାହ୍ନ ୫ଘଟିକା ପର୍ଯ୍ୟନ୍ତ	୩୧.୧୦.୨୦୧୯ ପୂର୍ବାହ୍ନ ୧୧.୦୦ ଘଟିକା ରୁ ଅପରାହ୍ନ ୨.୦୦ ଘଟିକା
୩୪।	ଟ.୫୫,୨୬,୦୦୦/-	ଟ.୫,୫୨,୬୦୦/-	ଟ.୨୯,୦୨,୨୨୪/- + ସେବାକର ସୁଧ, ଆନୁଷଙ୍ଗିକ ଖର୍ଚ୍ଚ ଏବଂ ଦେୟ (ବିକ୍ରୟ ଆଦାୟ ଯଦି କିଛି ଥାଏ)	୧୦.୦୨.୨୦୧୫ / ୦୫.୦୭.୨୦୧୫	୧୪.୧୦.୨୦୧୯ ପର୍ଯ୍ୟନ୍ତ	୨୯.୧୦.୨୦୧୯ ଅପରାହ୍ନ ୫ଘଟିକା ପର୍ଯ୍ୟନ୍ତ	୩୧.୧୦.୨୦୧୯ ପୂର୍ବାହ୍ନ ୧୧.୦୦ ଘଟିକା ରୁ ଅପରାହ୍ନ ୨.୦୦ ଘଟିକା
୩୫।	ଟ.୭,୮୦,୦୦୦/-	ଟ.୭୮,୦୦୦/-	ଟ.୫,୫୪,୮୦୫/- + ସେବାକର ସୁଧ, ଆନୁଷଙ୍ଗିକ ଖର୍ଚ୍ଚ ଏବଂ ଦେୟ (ବିକ୍ରୟ ଆଦାୟ ଯଦି କିଛି ଥାଏ)	୨୪.୦୩.୨୦୧୫ / ୩୦.୦୭.୨୦୧୫	୧୪.୧୦.୨୦୧୯ ପର୍ଯ୍ୟନ୍ତ	୨୯.୧୦.୨୦୧୯ ଅପରାହ୍ନ ୫ଘଟିକା ପର୍ଯ୍ୟନ୍ତ	୩୧.୧୦.୨୦୧୯ ପୂର୍ବାହ୍ନ ୧୧.୦୦ ଘଟିକା ରୁ ଅପରାହ୍ନ ୨.୦୦ ଘଟିକା
୩୬।	ଟ.୩୭,୨୬,୦୦୦/-	ଟ.୩,୭୨,୬୦୦/-	ଟ.୩୩,୧୩,୫୨୭/- + ସେବାକର ସୁଧ, ଆନୁଷଙ୍ଗିକ ଖର୍ଚ୍ଚ ଏବଂ ଦେୟ (ବିକ୍ରୟ ଆଦାୟ ଯଦି କିଛି ଥାଏ)	୨୩.୧୨.୨୦୧୬ / ୧୯.୦୪.୨୦୧୭	୧୪.୧୦.୨୦୧୯ ପର୍ଯ୍ୟନ୍ତ	୨୯.୧୦.୨୦୧୯ ଅପରାହ୍ନ ୫ଘଟିକା ପର୍ଯ୍ୟନ୍ତ	୩୧.୧୦.୨୦୧୯ ପୂର୍ବାହ୍ନ ୧୧.୦୦ ଘଟିକା ରୁ ଅପରାହ୍ନ ୨.୦୦ ଘଟିକା
୩୭।	ଟ.୨୪,୧୦,୦୦୦/-	ଟ.୨,୪୧,୦୦୦/-	ଟ.୫୮,୫୬,୬୦୨/- + ସେବାକର ସୁଧ, ଆନୁଷଙ୍ଗିକ ଖର୍ଚ୍ଚ ଏବଂ ଦେୟ (ବିକ୍ରୟ ଆଦାୟ ଯଦି କିଛି ଥାଏ)	୨୮.୦୮.୨୦୧୭ / ୧୩.୦୨.୨୦୧୮	୧୪.୧୦.୨୦୧୯ ପର୍ଯ୍ୟନ୍ତ	୨୯.୧୦.୨୦୧୯ ଅପରାହ୍ନ ୫ଘଟିକା ପର୍ଯ୍ୟନ୍ତ	୩୧.୧୦.୨୦୧୯ ପୂର୍ବାହ୍ନ ୧୧.୦୦ ଘଟିକା ରୁ ଅପରାହ୍ନ ୨.୦୦ ଘଟିକା
୩୮।	ଟ.୩୦,୫୦,୦୦୦/-	ଟ.୩,୦୫,୦୦୦/-	ଟ.୨୫,୩୭,୮୫୬/- + ସେବାକର ସୁଧ, ଆନୁଷଙ୍ଗିକ ଖର୍ଚ୍ଚ ଏବଂ ଦେୟ (ବିକ୍ରୟ ଆଦାୟ ଯଦି କିଛି ଥାଏ)	୧୬.୦୩.୨୦୧୭ / ୦୫.୦୬.୨୦୧୭	୧୪.୧୦.୨୦୧୯ ପର୍ଯ୍ୟନ୍ତ	୨୯.୧୦.୨୦୧୯ ଅପରାହ୍ନ ୫ଘଟିକା ପର୍ଯ୍ୟନ୍ତ	୩୧.୧୦.୨୦୧୯ ପୂର୍ବାହ୍ନ ୧୧.୦୦ ଘଟିକା ରୁ ଅପରାହ୍ନ ୨.୦୦ ଘଟିକା
୩୯।	ଟ.୩୦,୦୦,୦୦୦/-	ଟ.୩,୦୦,୦୦୦/-	ଟ.୭,୮୦,୮୨୧/- + ସେବାକର ସୁଧ, ଆନୁଷଙ୍ଗିକ ଖର୍ଚ୍ଚ ଏବଂ ଦେୟ (ବିକ୍ରୟ ଆଦାୟ ଯଦି କିଛି ଥାଏ)	୨୦.୦୩.୨୦୧୭ / ୨୦.୦୬.୨୦୧୭	୧୪.୧୦.୨୦୧୯ ପର୍ଯ୍ୟନ୍ତ	୨୯.୧୦.୨୦୧୯ ଅପରାହ୍ନ ୫ଘଟିକା ପର୍ଯ୍ୟନ୍ତ	୩୧.୧୦.୨୦୧୯ ପୂର୍ବାହ୍ନ ୧୧.୦୦ ଘଟିକା ରୁ ଅପରାହ୍ନ ୨.୦୦ ଘଟିକା
୪୧।	ଟ.୭୮,୬୦,୦୦୦/-	ଟ.୭,୮୬,୦୦୦/-	ଟ.୧୯,୫୯,୩୦୮/- + ସେବାକର ସୁଧ, ଆନୁଷଙ୍ଗିକ ଖର୍ଚ୍ଚ ଏବଂ ଦେୟ (ବିକ୍ରୟ ଆଦାୟ ଯଦି କିଛି ଥାଏ)	୧୭.୦୮.୨୦୧୫ / ୦୮.୦୨.୨୦୧୬	୧୪.୧୦.୨୦୧୯ ପର୍ଯ୍ୟନ୍ତ	୨୯.୧୦.୨୦୧୯ ଅପରାହ୍ନ ୫ଘଟିକା ପର୍ଯ୍ୟନ୍ତ	୩୧.୧୦.୨୦୧୯ ପୂର୍ବାହ୍ନ ୧୧.୦୦ ଘଟିକା ରୁ ଅପରାହ୍ନ ୨.୦୦ ଘଟିକା
୪୩।	ଟ.୯,୪୦,୦୦୦/-	ଟ.୯୪,୦୦୦/-	ଟ.୧୬,୦୦,୬୬୨/- + ସେବାକର ସୁଧ, ଆନୁଷଙ୍ଗିକ ଖର୍ଚ୍ଚ ଏବଂ ଦେୟ (ବିକ୍ରୟ ଆଦାୟ ଯଦି କିଛି ଥାଏ)	୦୮.୦୪.୨୦୧୫ / ୨୨.୦୨.୨୦୧୫	୧୪.୧୦.୨୦୧୯ ପର୍ଯ୍ୟନ୍ତ	୨୯.୧୦.୨୦୧୯ ଅପରାହ୍ନ ୫ଘଟିକା ପର୍ଯ୍ୟନ୍ତ	୩୧.୧୦.୨୦୧୯ ପୂର୍ବାହ୍ନ ୧୧.୦୦ ଘଟିକା ରୁ ଅପରାହ୍ନ ୨.୦୦ ଘଟିକା
୪୪।	ଟ.୨୩,୦୦,୦୦୦/-	ଟ.୨,୩୦,୦୦୦/-	ଟ.୨୨,୫୨,୧୫୭/- + ସେବାକର ସୁଧ, ଆନୁଷଙ୍ଗିକ ଖର୍ଚ୍ଚ ଏବଂ ଦେୟ (ବିକ୍ରୟ ଆଦାୟ ଯଦି କିଛି ଥାଏ)	୧୬.୦୯.୨୦୧୬ / ୧୯.୧୨.୨୦୧୬	୧୪.୧୦.୨୦୧୯ ପର୍ଯ୍ୟନ୍ତ	୨୯.୧୦.୨୦୧୯ ଅପରାହ୍ନ ୫ଘଟିକା ପର୍ଯ୍ୟନ୍ତ	୩୧.୧୦.୨୦୧୯ ପୂର୍ବାହ୍ନ ୧୧.୦୦ ଘଟିକା ରୁ ଅପରାହ୍ନ ୨.୦୦ ଘଟିକା
୪୫।	ଟ.୨୪,୦୦,୦୦୦/-	ଟ.୨,୪୦,୦୦୦/-	ଟ.୧୭,୦୮,୪୫୯/- + ସେବାକର ସୁଧ, ଆନୁଷଙ୍ଗିକ ଖର୍ଚ୍ଚ ଏବଂ ଦେୟ (ବିକ୍ରୟ ଆଦାୟ ଯଦି କିଛି ଥାଏ)	୧୫.୧୨.୨୦୧୭ / ୨୧.୦୩.୨୦୧୮	୧୪.୧୦.୨୦୧୯ ପର୍ଯ୍ୟନ୍ତ	୨୯.୧୦.୨୦୧୯ ଅପରାହ୍ନ ୫ଘଟିକା ପର୍ଯ୍ୟନ୍ତ	୩୧.୧୦.୨୦୧୯ ପୂର୍ବାହ୍ନ ୧୧.୦୦ ଘଟିକା ରୁ ଅପରାହ୍ନ ୨.୦୦ ଘଟିକା
୪୬।	ଟ.୧୫,୨୦,୦୦୦/-	ଟ.୧,୫୨,୦୦୦/-	ଟ.୨୧,୫୫,୫୨୦/- + ସେବାକର ସୁଧ, ଆନୁଷଙ୍ଗିକ ଖର୍ଚ୍ଚ ଏବଂ ଦେୟ (ବିକ୍ରୟ ଆଦାୟ ଯଦି କିଛି ଥାଏ)	୨୨.୦୨.୨୦୧୫ / ୧୫.୦୫.୨୦୧୫	୧୪.୧୦.୨୦୧୯ ପର୍ଯ୍ୟନ୍ତ	୨୯.୧୦.୨୦୧୯ ଅପରାହ୍ନ ୫ଘଟିକା ପର୍ଯ୍ୟନ୍ତ	୩୧.୧୦.୨୦୧୯ ପୂର୍ବାହ୍ନ ୧୧.୦୦ ଘଟିକା ରୁ ଅପରାହ୍ନ ୨.୦୦ ଘଟିକା
୪୭।	ଟ.୨୪,୦୦,୦୦୦/-	ଟ.୨,୪୦,୦୦୦/-	ଟ.୩୧,୮୪,୨୧୦/- + ସେବାକର ସୁଧ, ଆନୁଷଙ୍ଗିକ ଖର୍ଚ୍ଚ ଏବଂ ଦେୟ (ବିକ୍ରୟ ଆଦାୟ ଯଦି କିଛି ଥାଏ)	୨୦.୦୩.୨୦୧୭ / ୨୦.୦୬.୨୦୧୭	୧୪.୧୦.୨୦୧୯ ପର୍ଯ୍ୟନ୍ତ	୨୯.୧୦.୨୦୧୯ ଅପରାହ୍ନ ୫ଘଟିକା ପର୍ଯ୍ୟନ୍ତ	୩୧.୧୦.୨୦୧୯ ପୂର୍ବାହ୍ନ ୧୧.୦୦ ଘଟିକା ରୁ ଅପରାହ୍ନ ୨.୦୦ ଘଟିକା
୪୮।	ଟ.୨୦,୦୦,୦୦୦/-	ଟ.୨,୦୦,୦୦୦/-	ଟ.୧୭,୬୬,୯୯୫/- + ସେବାକର ସୁଧ, ଆନୁଷଙ୍ଗିକ ଖର୍ଚ୍ଚ ଏବଂ ଦେୟ (ବିକ୍ରୟ ଆଦାୟ ଯଦି କିଛି ଥାଏ)	୧୨.୦୩.୨୦୧୭ / ୩୦.୦୫.୨୦୧୭	୧୪.୧୦.୨୦୧୯ ପର୍ଯ୍ୟନ୍ତ	୨୯.୧୦.୨୦୧୯ ଅପରାହ୍ନ ୫ଘଟିକା ପର୍ଯ୍ୟନ୍ତ	୩୧.୧୦.୨୦୧୯ ପୂର୍ବାହ୍ନ ୧୧.୦୦ ଘଟିକା ରୁ ଅପରାହ୍ନ ୨.୦୦ ଘଟିକା
୪୯।	ଟ.୨୦,୦୦,୦୦୦/-	ଟ.୨,୦୦,୦୦୦/-	ଟ.୨୩,୫୩,୦୪୫/- + ସେବାକର ସୁଧ, ଆନୁଷଙ୍ଗିକ ଖର୍ଚ୍ଚ ଏବଂ ଦେୟ (ବିକ୍ରୟ ଆଦାୟ ଯଦି କିଛି ଥାଏ)	୩୦.୦୨.୨୦୧୬ / ୧୮.୦୫.୨୦୧୬	୧୪.୧୦.୨୦୧୯ ପର୍ଯ୍ୟନ୍ତ	୨୯.୧୦.୨୦୧୯ ଅପରାହ୍ନ ୫ଘଟିକା ପର୍ଯ୍ୟନ୍ତ	୩୧.୧୦.୨୦୧୯ ପୂର୍ବାହ୍ନ ୧୧.୦୦ ଘଟିକା ରୁ ଅପରାହ୍ନ ୨.୦୦ ଘଟିକା
୫୦।	ଟ.୨୦,୦୦,୦୦୦/-	ଟ.୨,୦୦,୦୦୦/-	ଟ.୧୪,୪୫,୪୫୦/- + ସେବାକର ସୁଧ, ଆନୁଷଙ୍ଗିକ ଖର୍ଚ୍ଚ ଏବଂ ଦେୟ (ବିକ୍ରୟ ଆଦାୟ ଯଦି କିଛି ଥାଏ)	୨୦.୦୩.୨୦୧୭ / ୨୨.୦୬.୨୦୧୭	୧୪.୧୦.୨୦୧୯ ପର୍ଯ୍ୟନ୍ତ	୨୯.୧୦.୨୦୧୯ ଅପରାହ୍ନ ୫ଘଟିକା ପର୍ଯ୍ୟନ୍ତ	୩୧.୧୦.୨୦୧୯ ପୂର୍ବାହ୍ନ ୧୧.୦୦ ଘଟିକା ରୁ ଅପରାହ୍ନ ୨.୦୦ ଘଟିକା
୫୧।	ଟ.୨୦,୦୦,୦୦୦/-	ଟ.୨,୦୦,୦୦୦/-	ଟ.୧୬,୫୨,୪୯୦/- + ସେବାକର ସୁଧ, ଆନୁଷଙ୍ଗିକ ଖର୍ଚ୍ଚ ଏବଂ ଦେୟ (ବିକ୍ରୟ ଆଦାୟ ଯଦି କିଛି ଥାଏ)	୨୦.୦୩.୨୦୧୭ / ୨୨.୦୬.୨୦୧୭	୧୪.୧୦.୨୦୧୯ ପର୍ଯ୍ୟନ୍ତ	୨୯.୧୦.୨୦୧୯ ଅପରାହ୍ନ ୫ଘଟିକା ପର୍ଯ୍ୟନ୍ତ	୩୧.୧୦.୨୦୧୯ ପୂର୍ବାହ୍ନ ୧୧.୦୦ ଘଟିକା ରୁ ଅପରାହ୍ନ ୨.୦୦ ଘଟିକା
୫୨।	ଟ.୨୯,୦୦,୦୦୦/-	ଟ.୨,୯୦,୦୦୦/-	ଟ.୨୪,୦୦,୨୩୫/- + ସେବାକର ସୁଧ, ଆନୁଷଙ୍ଗିକ ଖର୍ଚ୍ଚ ଏବଂ ଦେୟ (ବିକ୍ରୟ ଆଦାୟ ଯଦି କିଛି ଥାଏ)	୧୬.୦୩.୨୦୧୭ / ୨୨.୦୬.୨୦୧୭	୧୪.୧୦.୨୦୧୯ ପର୍ଯ୍ୟନ୍ତ	୨୯.୧୦.୨୦୧୯ ଅପରାହ୍ନ ୫ଘଟିକା ପର୍ଯ୍ୟନ୍ତ	୩୧.୧୦.୨୦୧୯ ପୂର୍ବାହ୍ନ ୧୧.୦୦ ଘଟିକା ରୁ ଅପରାହ୍ନ ୨.୦୦ ଘଟିକା
୫୩।	ଟ.୨୯,୦୦,୦୦୦/-	ଟ.୨,୯୦,୦୦୦/-	ଟ.୨୨,୪୫,୬୫୮/- + ସେବାକର ସୁଧ, ଆନୁଷଙ୍ଗିକ ଖର୍ଚ୍ଚ ଏବଂ ଦେୟ (ବିକ୍ରୟ ଆଦାୟ ଯଦି କିଛି ଥାଏ)	୨୦.୦୩.୨୦୧୭ / ୨୦.୦୬.୨୦୧୭	୧୪.୧୦.୨୦୧୯ ପର୍ଯ୍ୟନ୍ତ	୨୯.୧୦.୨୦୧୯ ଅପରାହ୍ନ ୫ଘଟିକା ପର୍ଯ୍ୟନ୍ତ	୩୧.୧୦.୨୦୧୯ ପୂର୍ବାହ୍ନ ୧୧.୦୦ ଘଟିକା ରୁ ଅପରାହ୍ନ ୨.୦୦ ଘଟିକା
୫୪।	ଟ.୨୨,୦୦,୦୦୦/-	ଟ.୨,୨୦,୦୦୦/-	ଟ.୨୨,୫୫,୧୭୫/- + ସେବାକର ସୁଧ, ଆନୁଷଙ୍ଗିକ ଖର୍ଚ୍ଚ ଏବଂ ଦେୟ (ବିକ୍ରୟ ଆଦାୟ ଯଦି କିଛି ଥାଏ)	୨୩.୦୩.୨୦୧୭ / ୧୬.୦୬.୨୦୧୭	୧୪.୧୦.୨୦୧୯ ପର୍ଯ୍ୟନ୍ତ	୨୯.୧୦.୨୦୧୯ ଅପରାହ୍ନ ୫ଘଟିକା ପର୍ଯ୍ୟନ୍ତ	୩୧.୧୦.୨୦୧୯ ପୂର୍ବାହ୍ନ ୧୧.୦୦ ଘଟିକା ରୁ ଅପରାହ୍ନ ୨.୦୦ ଘଟିକା
ନିୟମ ଓ ସର୍ତ୍ତାବଳୀ: (୧) ଇ-ନିଲାମଟି ଅନଲାଇନ ମାଧ୍ୟମରେ ହେବ ଯାହା ପ୍ରଦାନକାରୀ M/s E-Procurement Technologies Ltd. ଙ୍କ ଦ୍ୱାରା ପରିଚାଳିତ ହେବ। ଇଚ୍ଛୁକ ବିଡରମାନେ ୱେବସାଇଟ https://iob.auctiontiger.net ରେ ପଞ୍ଜିକୃତ ହୋଇ ଲଗ୍ଇନ ଆଇଡି ଓ ପାସୱାର୍ଡ ସଂଗ୍ରହ କରିବେ। ବିଡ ଫର୍ମ ସହିତ KYC ଡକ୍ୟୁମେଣ୍ଟ ଓ UTR ନମ୍ବର ନିମ୍ନ ଇମେଲକୁ ପଠାଇବେ: 0815ro@iobnet.co.in & 0815law@iob.in ଆମାନତ ଜମା (EMD) EFT/NEFT/RTGS ମାଧ୍ୟମରେ "IOB E-Auction EMD Account" (IFSC: IOBA0000873) ରେ ଜମା କରିବେ। ସମ୍ପତ୍ତି "ଯେଉଁଠି ଯେମିତି ଅଛି", "ଯାହା ଅଛି" ଏବଂ "ଯେଉଁଠି ଯାହା ଅଛି" ଆଧାରରେ ବିକ୍ରି ହେବ। ସଫଳ ବିଡର ବିକ୍ରୟ ମୂଲ୍ୟର ୨୫% ନିଲାମ ଦିନ ଏବଂ ବାକି ୭୫% ୧୫ ଦିନ ମଧ୍ୟରେ ଜମା କରିବେ, ଅନ୍ୟଥା ଜମା ରାଶି ବାଜେୟାପ୍ତ ହେବ। ଅଧିକ ବିବରଣୀ ପାଇଁ ଯୋଗାଯୋଗ କରନ୍ତୁ: Authorized Officer, Mob.: 7077643300/9962126173 & Asst. General Manager cum Authorise Officer, Mob.: 87-623041, Indian Overseas Bank, Regional Office, Bhubaneswar, Phone No.: 0674-2540032, mail ID: 0815ro@iobnet.co.in & 0815law@iob.in ବା ଇ-ନିଲାମ ସେବା ପ୍ରଦାନକାରୀ: M/s E-Procurement Technologies Ltd. A-801, Wall Street- II, Opp. Orient Club, Nr. Gujarat College, Ellisbridge, Ahmedabad - 380006,Gujarat, Help Line Nos.+91-6352490773, 9619002431, 9619120214, Contact Person- Mr. Vijay Shetty, M-09619002431/09619120214, e-mail- vijay.shetty@auctiontiger.net, Mr. Tilak Maratha, M- 06351896832, Rikin Brahmaxatriya, M-06351896833, Rakesh Nayak: M-9937220319,Support Mobile-09081000428, Helpline e-mailID:rikin@auctiontiger.net ବି.ଦ୍ର.: ଉକ୍ତ ବିଜ୍ଞାପନଟି ଋଣଗ୍ରହୀତା ଓ ଜାମିନଦାରମାନଙ୍କ ପାଇଁ ୩୦ ଦିନିଆ ବିକ୍ରୟ ବିଜ୍ଞପ୍ତି ଭାବେ ଗ୍ରହଣୀୟ।
ସ୍ଥାନ: ଭୁବନେଶ୍ୱର,
ତାରିଖ: ୦୩.୧୦.୨୦୧୯
ସ୍ୱା/- କ୍ଷମତାପ୍ରାପ୍ତ ଅଧିକାରୀ
ଇଣ୍ଡିଆନ ଓଭରସିଜ ବ୍ୟାଙ୍କ
